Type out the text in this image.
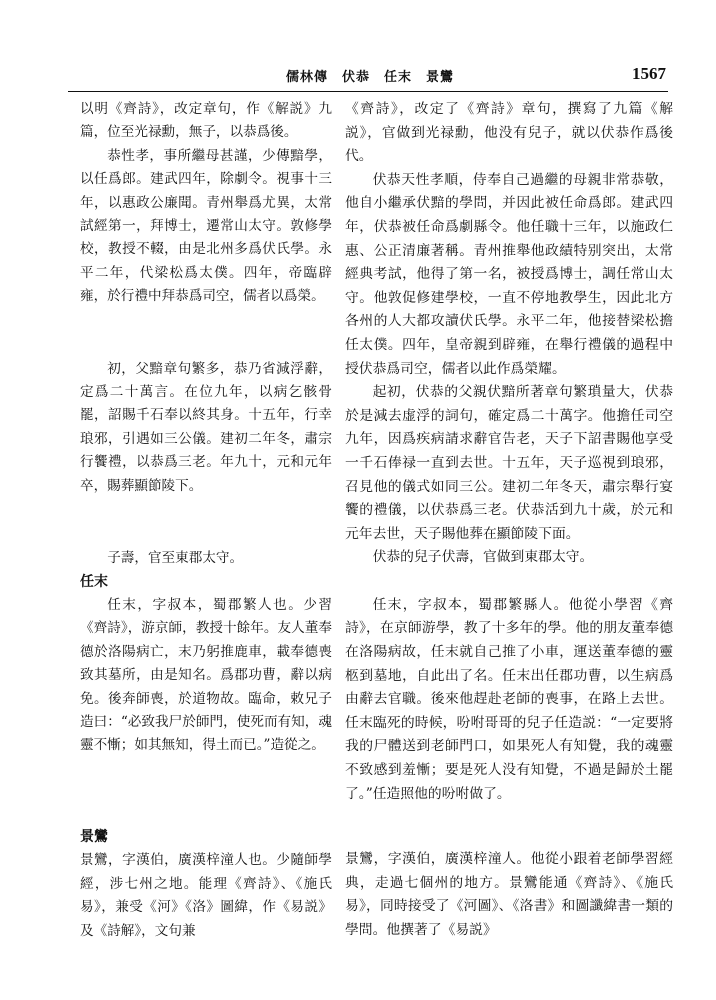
儒林傳　伏恭　任末　景鸞	1567

以明《齊詩》，改定章句，作《解説》九篇，位至光禄勳，無子，以恭爲後。

恭性孝，事所繼母甚謹，少傳黯學，以任爲郎。建武四年，除劇令。視事十三年，以惠政公廉聞。青州舉爲尤異，太常試經第一，拜博士，遷常山太守。敦修學校，教授不輟，由是北州多爲伏氏學。永平二年，代梁松爲太僕。四年，帝臨辟雍，於行禮中拜恭爲司空，儒者以爲榮。

初，父黯章句繁多，恭乃省減浮辭，定爲二十萬言。在位九年，以病乞骸骨罷，詔賜千石奉以終其身。十五年，行幸琅邪，引遇如三公儀。建初二年冬，肅宗行饗禮，以恭爲三老。年九十，元和元年卒，賜葬顯節陵下。

子壽，官至東郡太守。

任末

任末，字叔本，蜀郡繁人也。少習《齊詩》，游京師，教授十餘年。友人董奉德於洛陽病亡，末乃躬推鹿車，載奉德喪致其墓所，由是知名。爲郡功曹，辭以病免。後奔師喪，於道物故。臨命，敕兄子造曰：“必致我尸於師門，使死而有知，魂靈不慚；如其無知，得土而已。”造從之。

景鸞

景鸞，字漢伯，廣漢梓潼人也。少隨師學經，涉七州之地。能理《齊詩》、《施氏易》，兼受《河》《洛》圖緯，作《易説》及《詩解》，文句兼

《齊詩》，改定了《齊詩》章句，撰寫了九篇《解説》，官做到光禄勳，他没有兒子，就以伏恭作爲後代。

伏恭天性孝順，侍奉自己過繼的母親非常恭敬，他自小繼承伏黯的學問，并因此被任命爲郎。建武四年，伏恭被任命爲劇縣令。他任職十三年，以施政仁惠、公正清廉著稱。青州推舉他政績特别突出，太常經典考試，他得了第一名，被授爲博士，調任常山太守。他敦促修建學校，一直不停地教學生，因此北方各州的人大都攻讀伏氏學。永平二年，他接替梁松擔任太僕。四年，皇帝親到辟雍，在舉行禮儀的過程中授伏恭爲司空，儒者以此作爲榮耀。

起初，伏恭的父親伏黯所著章句繁瑣量大，伏恭於是減去虚浮的詞句，確定爲二十萬字。他擔任司空九年，因爲疾病請求辭官告老，天子下詔書賜他享受一千石俸禄一直到去世。十五年，天子巡視到琅邪，召見他的儀式如同三公。建初二年冬天，肅宗舉行宴饗的禮儀，以伏恭爲三老。伏恭活到九十歲，於元和元年去世，天子賜他葬在顯節陵下面。

伏恭的兒子伏壽，官做到東郡太守。

任末，字叔本，蜀郡繁縣人。他從小學習《齊詩》，在京師游學，教了十多年的學。他的朋友董奉德在洛陽病故，任末就自己推了小車，運送董奉德的靈柩到墓地，自此出了名。任末出任郡功曹，以生病爲由辭去官職。後來他趕赴老師的喪事，在路上去世。任末臨死的時候，吩咐哥哥的兒子任造説：“一定要將我的尸體送到老師門口，如果死人有知覺，我的魂靈不致感到羞慚；要是死人没有知覺，不過是歸於土罷了。”任造照他的吩咐做了。

景鸞，字漢伯，廣漢梓潼人。他從小跟着老師學習經典，走過七個州的地方。景鸞能通《齊詩》、《施氏易》，同時接受了《河圖》、《洛書》和圖讖緯書一類的學問。他撰著了《易説》
